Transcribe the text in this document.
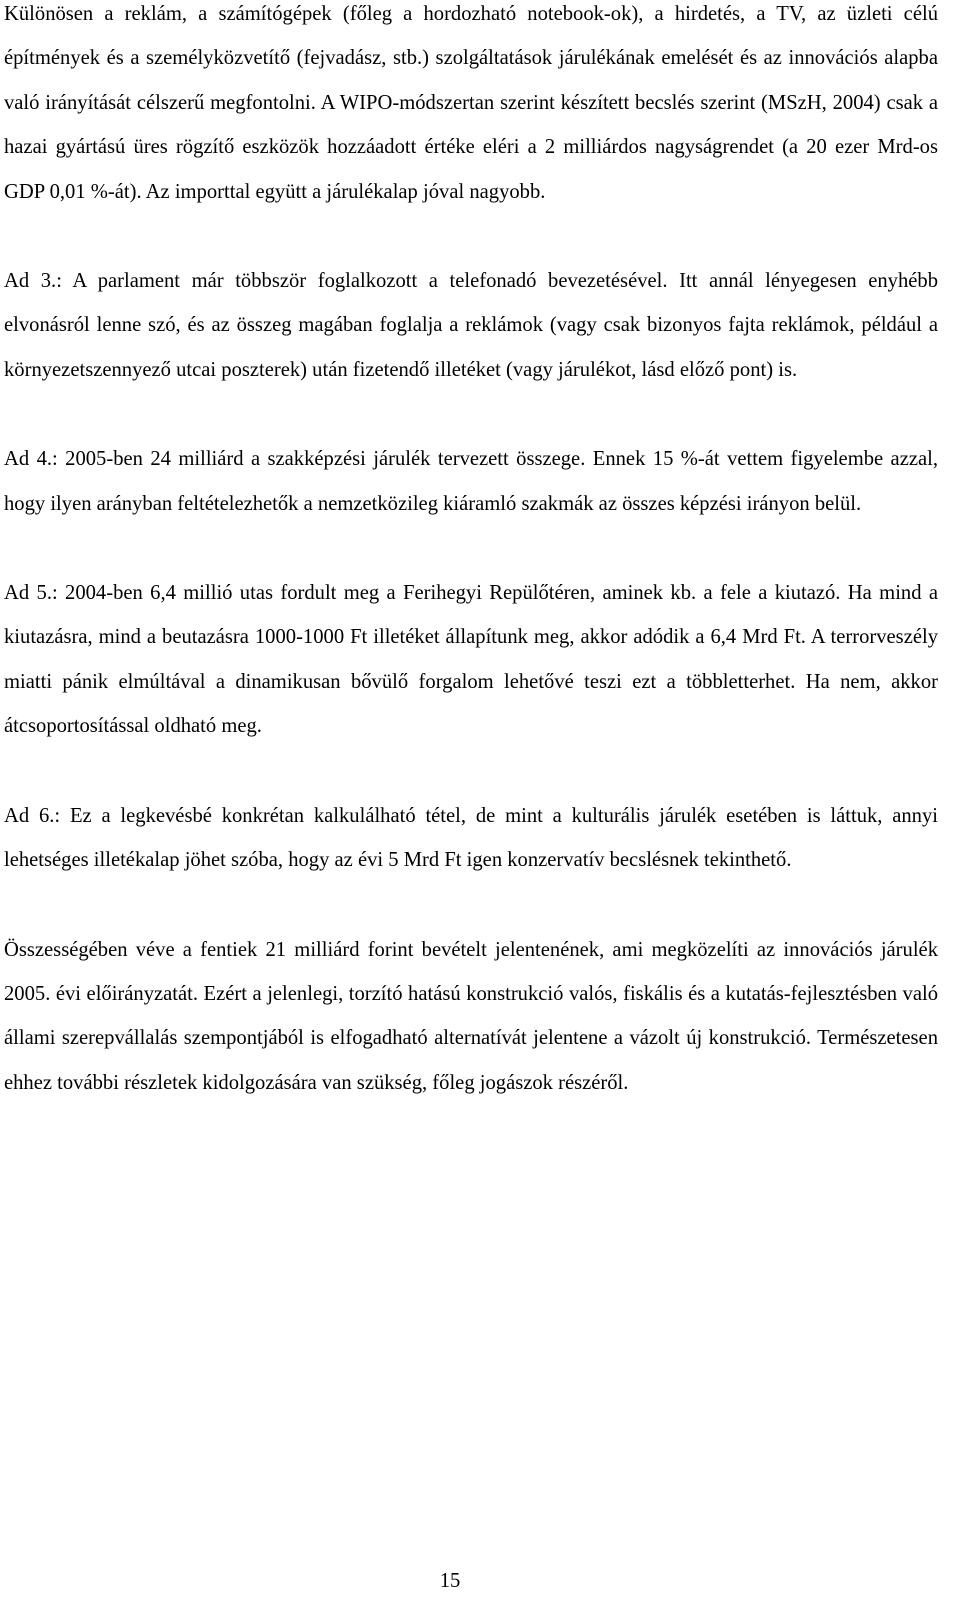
Különösen a reklám, a számítógépek (főleg a hordozható notebook-ok), a hirdetés, a TV, az üzleti célú építmények és a személyközvetítő (fejvadász, stb.) szolgáltatások járulékának emelését és az innovációs alapba való irányítását célszerű megfontolni. A WIPO-módszertan szerint készített becslés szerint (MSzH, 2004) csak a hazai gyártású üres rögzítő eszközök hozzáadott értéke eléri a 2 milliárdos nagyságrendet (a 20 ezer Mrd-os GDP 0,01 %-át). Az importtal együtt a járulékalap jóval nagyobb.

Ad 3.: A parlament már többször foglalkozott a telefonadó bevezetésével. Itt annál lényegesen enyhébb elvonásról lenne szó, és az összeg magában foglalja a reklámok (vagy csak bizonyos fajta reklámok, például a környezetszennyező utcai poszterek) után fizetendő illetéket (vagy járulékot, lásd előző pont) is.

Ad 4.: 2005-ben 24 milliárd a szakképzési járulék tervezett összege. Ennek 15 %-át vettem figyelembe azzal, hogy ilyen arányban feltételezhetők a nemzetközileg kiáramló szakmák az összes képzési irányon belül.

Ad 5.: 2004-ben 6,4 millió utas fordult meg a Ferihegyi Repülőtéren, aminek kb. a fele a kiutazó. Ha mind a kiutazásra, mind a beutazásra 1000-1000 Ft illetéket állapítunk meg, akkor adódik a 6,4 Mrd Ft. A terrorveszély miatti pánik elmúltával a dinamikusan bővülő forgalom lehetővé teszi ezt a többletterhet. Ha nem, akkor átcsoportosítással oldható meg.

Ad 6.: Ez a legkevésbé konkrétan kalkulálható tétel, de mint a kulturális járulék esetében is láttuk, annyi lehetséges illetékalap jöhet szóba, hogy az évi 5 Mrd Ft igen konzervatív becslésnek tekinthető.

Összességében véve a fentiek 21 milliárd forint bevételt jelentenének, ami megközelíti az innovációs járulék 2005. évi előirányzatát. Ezért a jelenlegi, torzító hatású konstrukció valós, fiskális és a kutatás-fejlesztésben való állami szerepvállalás szempontjából is elfogadható alternatívát jelentene a vázolt új konstrukció. Természetesen ehhez további részletek kidolgozására van szükség, főleg jogászok részéről.

15
